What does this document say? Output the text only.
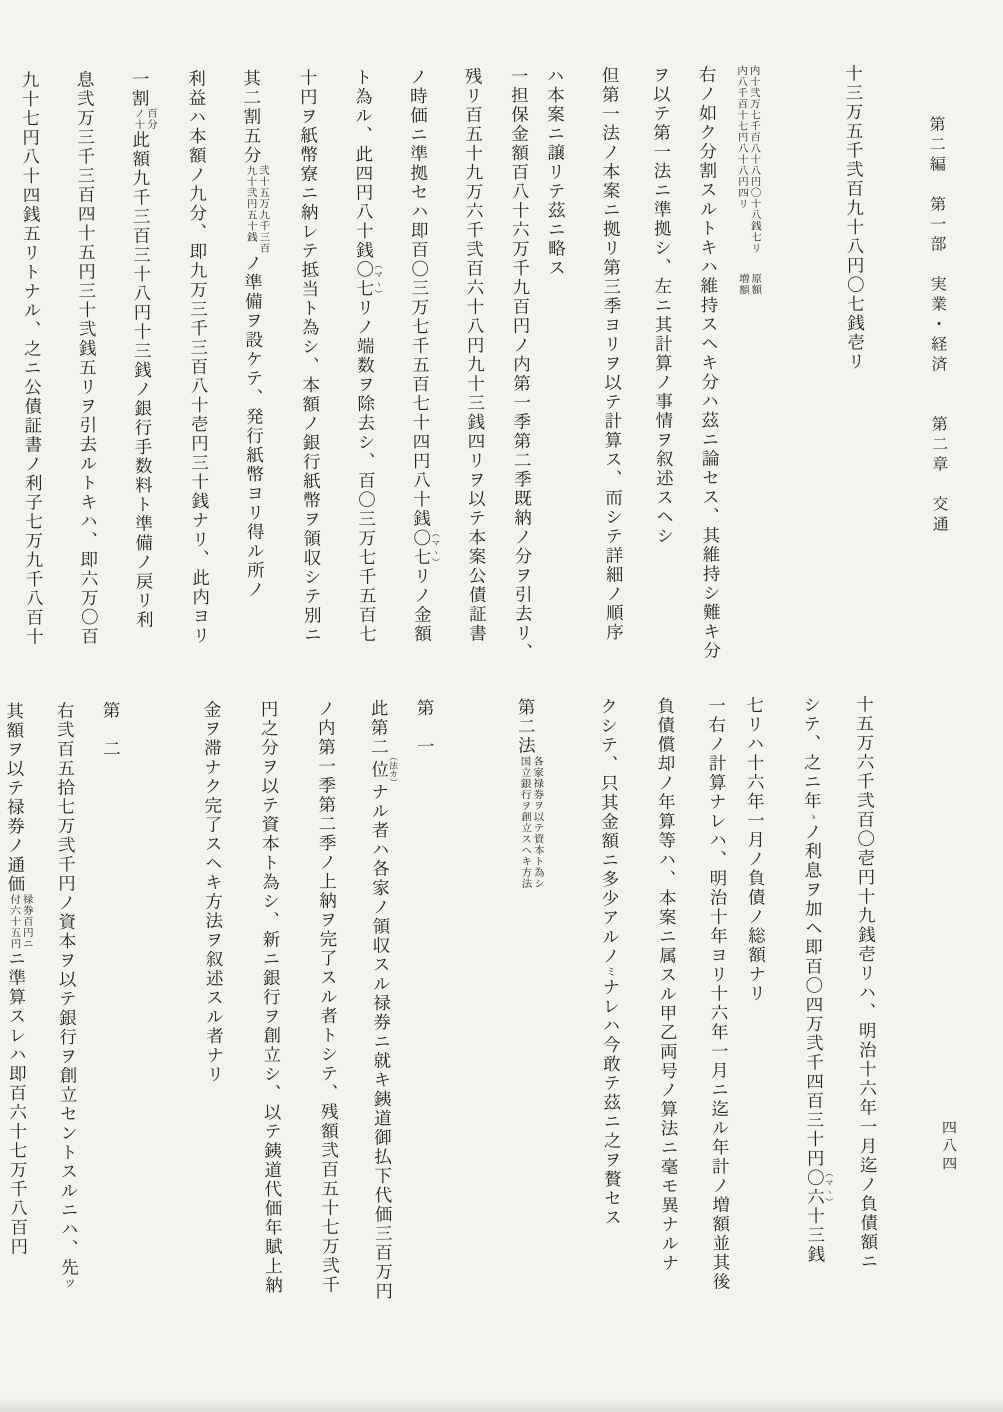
第二編　第一部　実業・経済　　第二章　交通
十三万五千弐百九十八円〇七銭壱リ
内十弐万七千百八十八円〇十八銭七リ
内八千百十七円八十八円四リ

原額
増額
右ノ如ク分割スルトキハ維持スヘキ分ハ茲ニ論セス、其維持シ難キ分
ヲ以テ第一法ニ準拠シ、左ニ其計算ノ事情ヲ叙述スヘシ
但第一法ノ本案ニ拠リ第三季ヨリヲ以テ計算ス、而シテ詳細ノ順序
ハ本案ニ譲リテ茲ニ略ス
一担保金額百八十六万千九百円ノ内第一季第二季既納ノ分ヲ引去リ、
残リ百五十九万六千弐百六十八円九十三銭四リヲ以テ本案公債証書
ノ時価ニ準拠セハ即百〇三万七千五百七十四円八十銭〇七（マヽ）リノ金額
ト為ル、此四円八十銭〇七（マヽ）リノ端数ヲ除去シ、百〇三万七千五百七
十円ヲ紙幣寮ニ納レテ抵当ト為シ、本額ノ銀行紙幣ヲ領収シテ別ニ
其二割五分
弐十五万九千三百
九十弐円五十銭
ノ準備ヲ設ケテ、発行紙幣ヨリ得ル所ノ
利益ハ本額ノ九分、即九万三千三百八十壱円三十銭ナリ、此内ヨリ
一割
百分
ノ十
此額九千三百三十八円十三銭ノ銀行手数料ト準備ノ戻リ利
息弐万三千三百四十五円三十弐銭五リヲ引去ルトキハ、即六万〇百
九十七円八十四銭五リトナル、之ニ公債証書ノ利子七万九千八百十
十五万六千弐百〇壱円十九銭壱リハ、明治十六年一月迄ノ負債額ニ
シテ、之ニ年ゝノ利息ヲ加ヘ即百〇四万弐千四百三十円〇六（マヽ）十三銭
七リハ十六年一月ノ負債ノ総額ナリ
一右ノ計算ナレハ、明治十年ヨリ十六年一月ニ迄ル年計ノ増額並其後
負債償却ノ年算等ハ、本案ニ属スル甲乙両号ノ算法ニ毫モ異ナルナ
クシテ、只其金額ニ多少アルノミナレハ今敢テ茲ニ之ヲ贅セス
第二法
各家禄券ヲ以テ資本ト為シ
国立銀行ヲ創立スヘキ方法
第　一
此第二位（法カ）ナル者ハ各家ノ領収スル禄券ニ就キ銕道御払下代価三百万円
ノ内第一季第二季ノ上納ヲ完了スル者トシテ、残額弐百五十七万弐千
円之分ヲ以テ資本ト為シ、新ニ銀行ヲ創立シ、以テ銕道代価年賦上納
金ヲ滞ナク完了スヘキ方法ヲ叙述スル者ナリ
第　二
右弐百五拾七万弐千円ノ資本ヲ以テ銀行ヲ創立セントスルニハ、先ツ
其額ヲ以テ禄券ノ通価
禄券百円ニ
付六十五円
ニ準算スレハ即百六十七万千八百円	四八四
